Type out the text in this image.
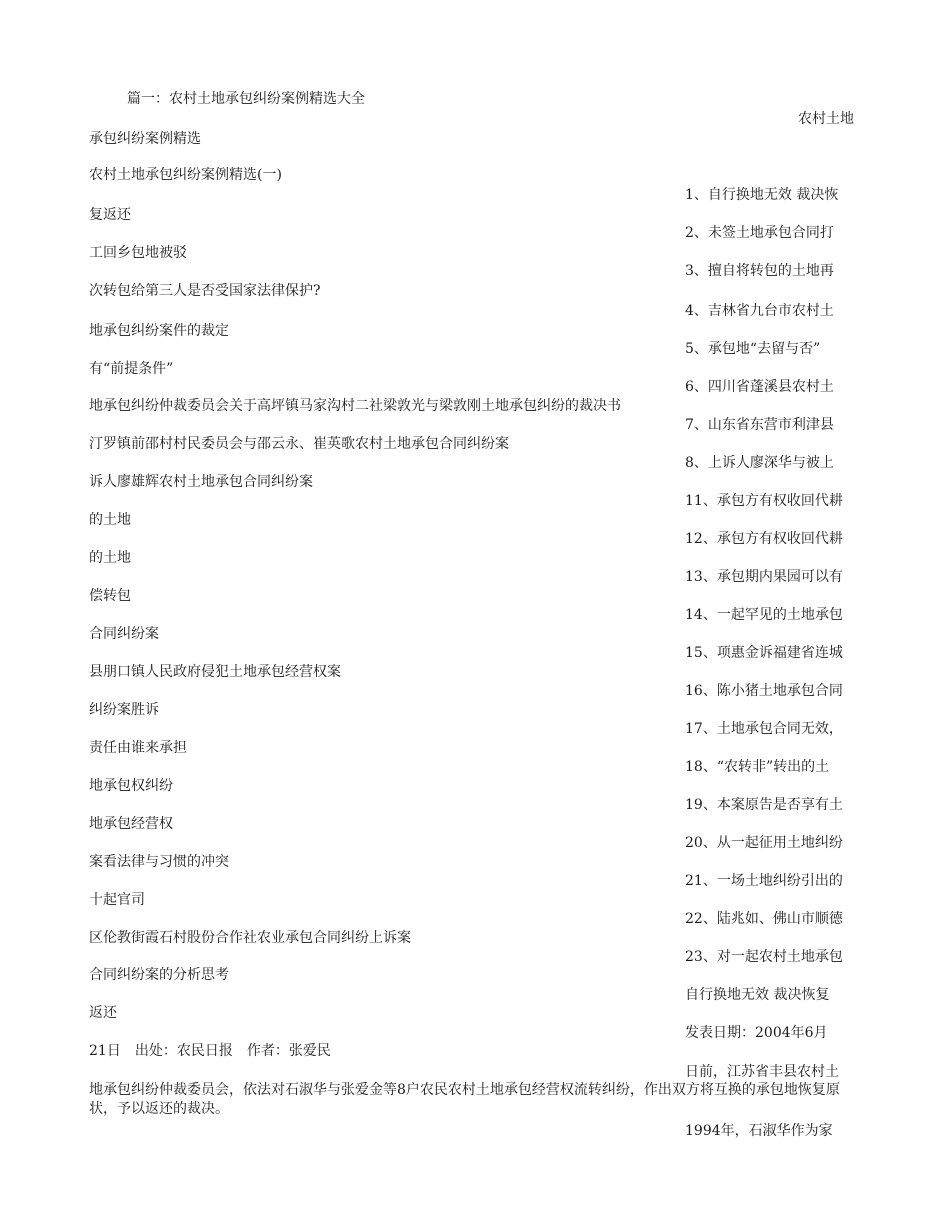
篇一：农村土地承包纠纷案例精选大全
农村土地
承包纠纷案例精选
农村土地承包纠纷案例精选(一)
复返还
工回乡包地被驳
次转包给第三人是否受国家法律保护?
地承包纠纷案件的裁定
有“前提条件”
地承包纠纷仲裁委员会关于高坪镇马家沟村二社梁敦光与梁敦刚土地承包纠纷的裁决书
汀罗镇前邵村村民委员会与邵云永、崔英歌农村土地承包合同纠纷案
诉人廖雄辉农村土地承包合同纠纷案
的土地
的土地
偿转包
合同纠纷案
县朋口镇人民政府侵犯土地承包经营权案
纠纷案胜诉
责任由谁来承担
地承包权纠纷
地承包经营权
案看法律与习惯的冲突
十起官司
区伦教街霞石村股份合作社农业承包合同纠纷上诉案
合同纠纷案的分析思考
返还
21日　出处：农民日报　作者：张爱民
地承包纠纷仲裁委员会，依法对石淑华与张爱金等8户农民农村土地承包经营权流转纠纷，作出双方将互换的承包地恢复原状，予以返还的裁决。
1、自行换地无效 裁决恢
2、未签土地承包合同打
3、擅自将转包的土地再
4、吉林省九台市农村土
5、承包地“去留与否”
6、四川省蓬溪县农村土
7、山东省东营市利津县
8、上诉人廖深华与被上
11、承包方有权收回代耕
12、承包方有权收回代耕
13、承包期内果园可以有
14、一起罕见的土地承包
15、项惠金诉福建省连城
16、陈小猪土地承包合同
17、土地承包合同无效，
18、“农转非”转出的土
19、本案原告是否享有土
20、从一起征用土地纠纷
21、一场土地纠纷引出的
22、陆兆如、佛山市顺德
23、对一起农村土地承包
自行换地无效 裁决恢复
发表日期：2004年6月
日前，江苏省丰县农村土
1994年，石淑华作为家
